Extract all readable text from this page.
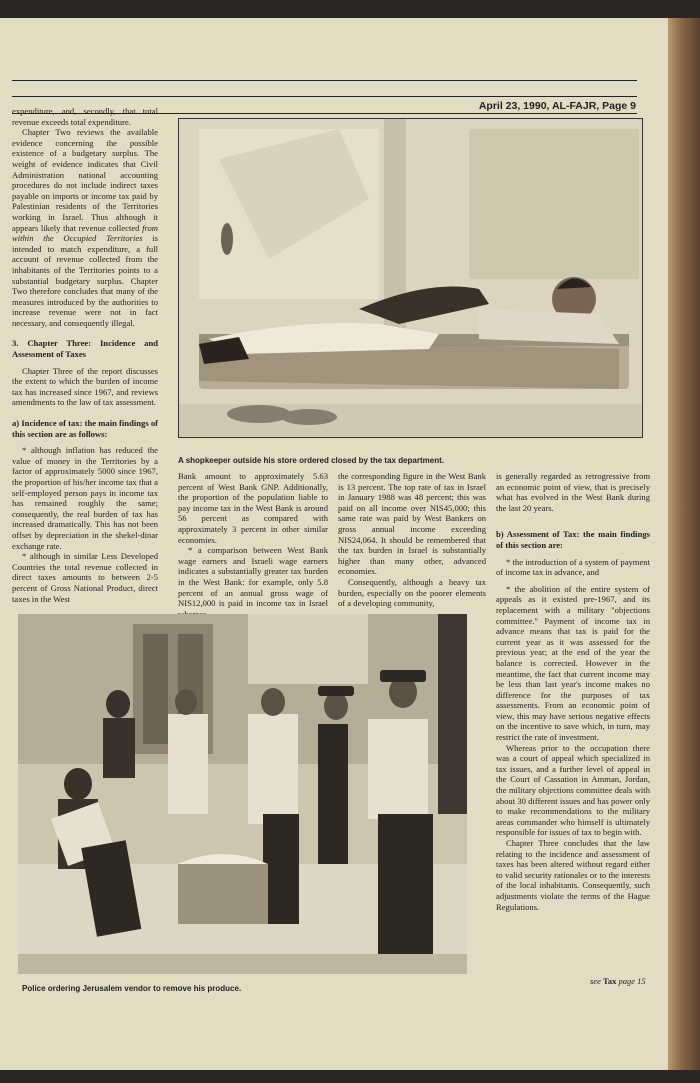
April 23, 1990, AL-FAJR, Page 9

expenditure, and, secondly, that total revenue exceeds total expenditure.

Chapter Two reviews the available evidence concerning the possible existence of a budgetary surplus. The weight of evidence indicates that Civil Administration national accounting procedures do not include indirect taxes payable on imports or income tax paid by Palestinian residents of the Territories working in Israel. Thus although it appears likely that revenue collected from within the Occupied Territories is intended to match expenditure, a full account of revenue collected from the inhabitants of the Territories points to a substantial budgetary surplus. Chapter Two therefore concludes that many of the measures introduced by the authorities to increase revenue were not in fact necessary, and consequently illegal.

3. Chapter Three: Incidence and Assessment of Taxes

Chapter Three of the report discusses the extent to which the burden of income tax has increased since 1967, and reviews amendments to the law of tax assessment.

a) Incidence of tax: the main findings of this section are as follows:

* although inflation has reduced the value of money in the Territories by a factor of approximately 5000 since 1967, the proportion of his/her income tax that a self-employed person pays in income tax has remained roughly the same; consequently, the real burden of tax has increased dramatically. This has not been offset by depreciation in the shekel-dinar exchange rate.

* although in similar Less Developed Countries the total revenue collected in direct taxes amounts to between 2-5 percent of Gross National Product, direct taxes in the West

A shopkeeper outside his store ordered closed by the tax department.

Bank amount to approximately 5.63 percent of West Bank GNP. Additionally, the proportion of the population liable to pay income tax in the West Bank is around 56 percent as compared with approximately 3 percent in other similar economies.

* a comparison between West Bank wage earners and Israeli wage earners indicates a substantially greater tax burden in the West Bank: for example, only 5.8 percent of an annual gross wage of NIS12,000 is paid in income tax in Israel

the corresponding figure in the West Bank is 13 percent. The top rate of tax in Israel in January 1988 was 48 percent; this was paid on all income over NIS45,000; this same rate was paid by West Bankers on gross annual income exceeding NIS24,064. It should be remembered that the tax burden in Israel is substantially higher than many other, advanced economies.

Consequently, although a heavy tax burden, especially on the poorer elements of a developing community,

is generally regarded as retrogressive from an economic point of view, that is precisely what has evolved in the West Bank during the last 20 years.

b) Assessment of Tax: the main findings of this section are:

* the introduction of a system of payment of income tax in advance, and

* the abolition of the entire system of appeals as it existed pre-1967, and its replacement with a military "objections committee." Payment of income tax in advance means that tax is paid for the current year as it was assessed for the previous year; at the end of the year the balance is corrected. However in the meantime, the fact that current income may be less than last year's income makes no difference for the purposes of tax assessments. From an economic point of view, this may have serious negative effects on the incentive to save which, in turn, may restrict the rate of investment.

Whereas prior to the occupation there was a court of appeal which specialized in tax issues, and a further level of appeal in the Court of Cassation in Amman, Jordan, the military objections committee deals with about 30 different issues and has power only to make recommendations to the military areas commander who himself is ultimately responsible for issues of tax to begin with.

Chapter Three concludes that the law relating to the incidence and assessment of taxes has been altered without regard either to valid security rationales or to the interests of the local inhabitants. Consequently, such adjustments violate the terms of the Hague Regulations.

Police ordering Jerusalem vendor to remove his produce.
see Tax page 15
